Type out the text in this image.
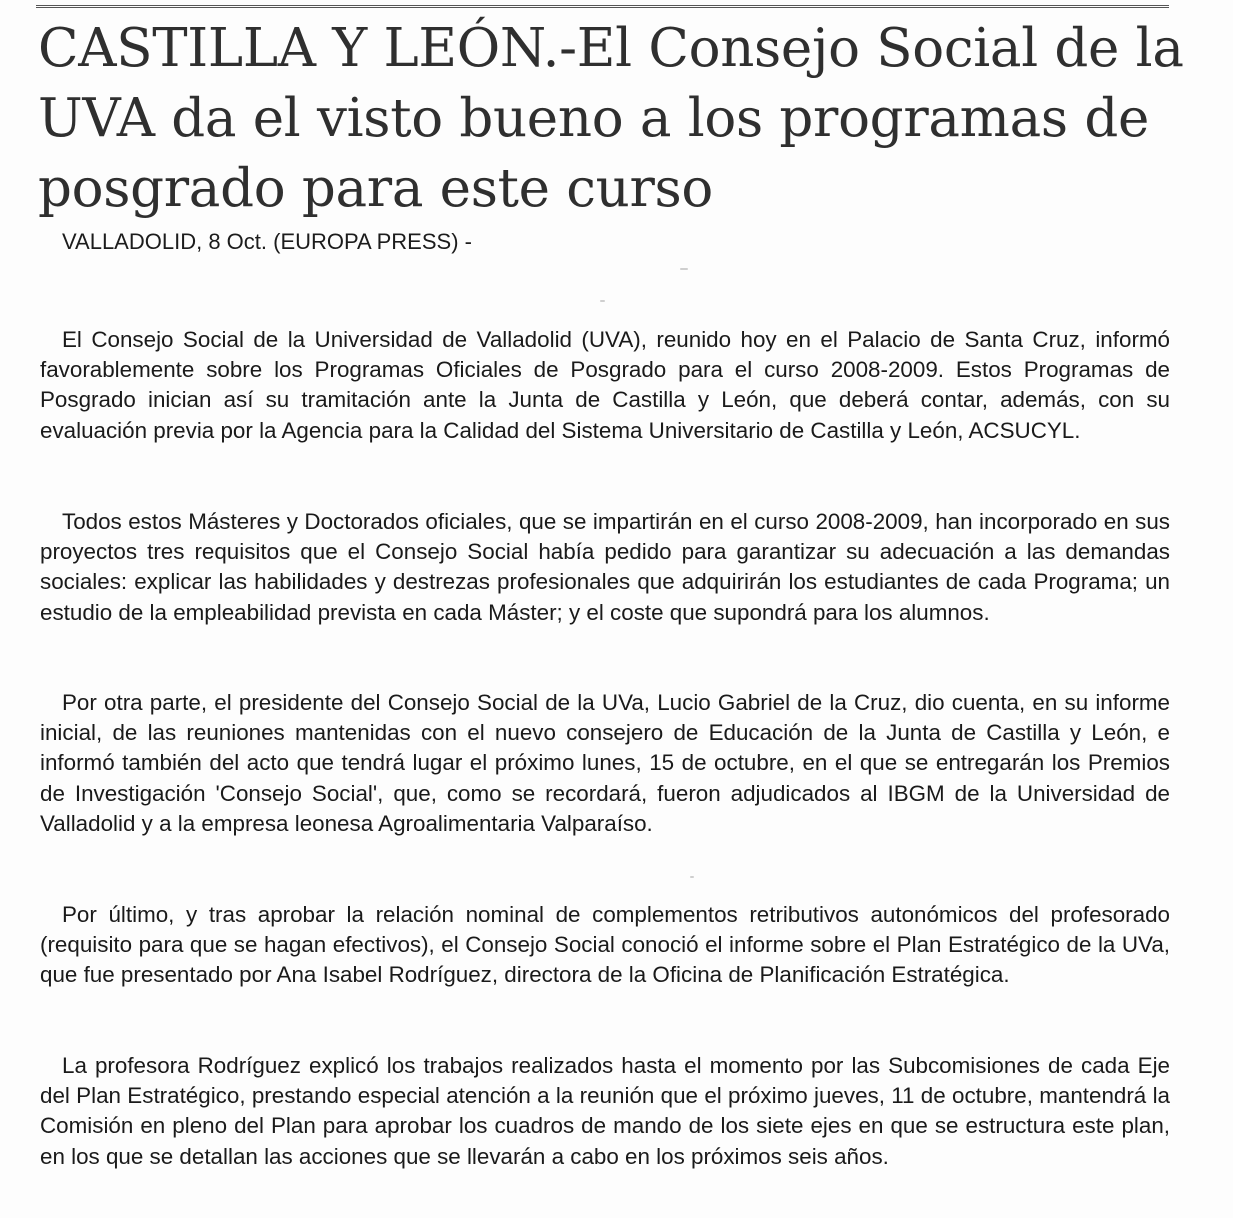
CASTILLA Y LEÓN.-El Consejo Social de la UVA da el visto bueno a los programas de posgrado para este curso

VALLADOLID, 8 Oct. (EUROPA PRESS) -

El Consejo Social de la Universidad de Valladolid (UVA), reunido hoy en el Palacio de Santa Cruz, informó favorablemente sobre los Programas Oficiales de Posgrado para el curso 2008-2009. Estos Programas de Posgrado inician así su tramitación ante la Junta de Castilla y León, que deberá contar, además, con su evaluación previa por la Agencia para la Calidad del Sistema Universitario de Castilla y León, ACSUCYL.

Todos estos Másteres y Doctorados oficiales, que se impartirán en el curso 2008-2009, han incorporado en sus proyectos tres requisitos que el Consejo Social había pedido para garantizar su adecuación a las demandas sociales: explicar las habilidades y destrezas profesionales que adquirirán los estudiantes de cada Programa; un estudio de la empleabilidad prevista en cada Máster; y el coste que supondrá para los alumnos.

Por otra parte, el presidente del Consejo Social de la UVa, Lucio Gabriel de la Cruz, dio cuenta, en su informe inicial, de las reuniones mantenidas con el nuevo consejero de Educación de la Junta de Castilla y León, e informó también del acto que tendrá lugar el próximo lunes, 15 de octubre, en el que se entregarán los Premios de Investigación 'Consejo Social', que, como se recordará, fueron adjudicados al IBGM de la Universidad de Valladolid y a la empresa leonesa Agroalimentaria Valparaíso.

Por último, y tras aprobar la relación nominal de complementos retributivos autonómicos del profesorado (requisito para que se hagan efectivos), el Consejo Social conoció el informe sobre el Plan Estratégico de la UVa, que fue presentado por Ana Isabel Rodríguez, directora de la Oficina de Planificación Estratégica.

La profesora Rodríguez explicó los trabajos realizados hasta el momento por las Subcomisiones de cada Eje del Plan Estratégico, prestando especial atención a la reunión que el próximo jueves, 11 de octubre, mantendrá la Comisión en pleno del Plan para aprobar los cuadros de mando de los siete ejes en que se estructura este plan, en los que se detallan las acciones que se llevarán a cabo en los próximos seis años.
